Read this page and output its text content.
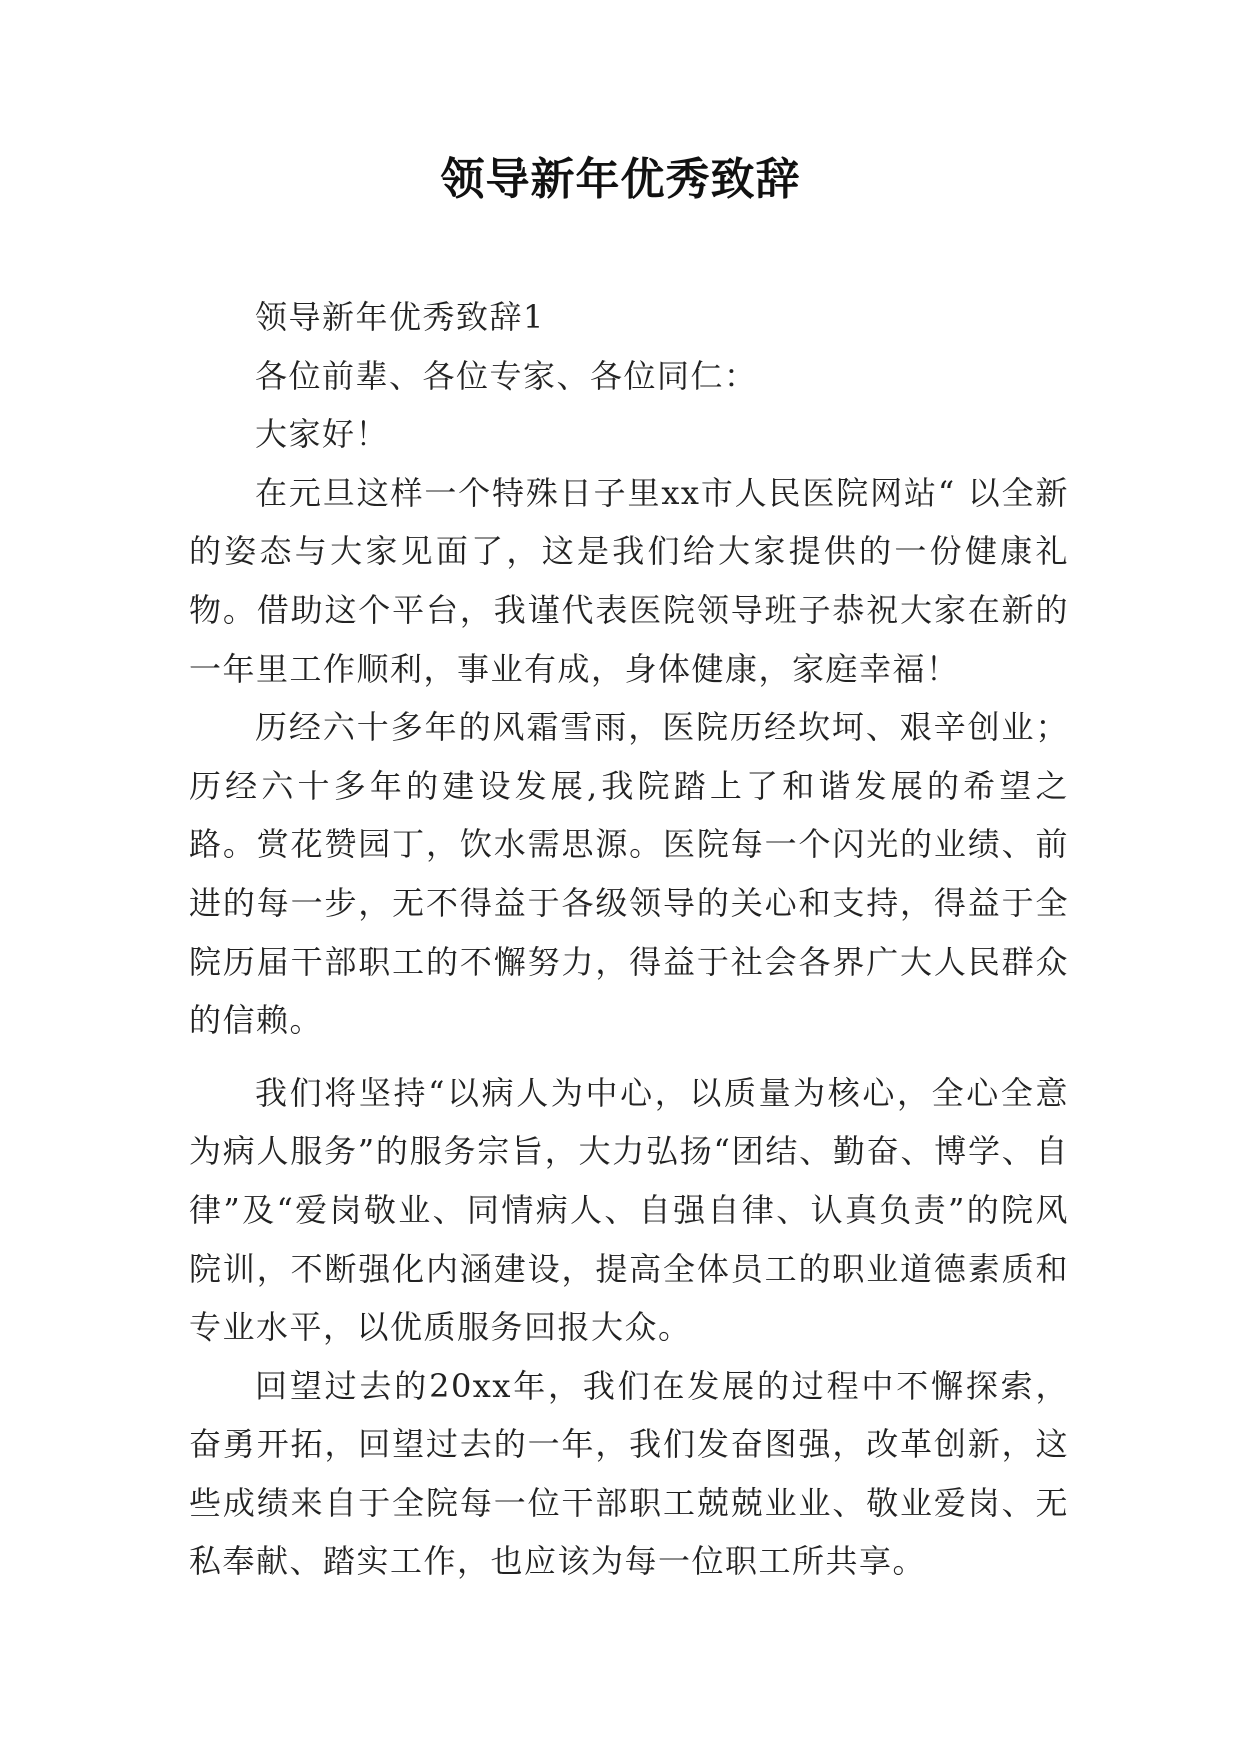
领导新年优秀致辞

领导新年优秀致辞1

各位前辈、各位专家、各位同仁：

大家好！

在元旦这样一个特殊日子里xx市人民医院网站“ 以全新的姿态与大家见面了，这是我们给大家提供的一份健康礼物。借助这个平台，我谨代表医院领导班子恭祝大家在新的一年里工作顺利，事业有成，身体健康，家庭幸福！

历经六十多年的风霜雪雨，医院历经坎坷、艰辛创业；历经六十多年的建设发展,我院踏上了和谐发展的希望之路。赏花赞园丁，饮水需思源。医院每一个闪光的业绩、前进的每一步，无不得益于各级领导的关心和支持，得益于全院历届干部职工的不懈努力，得益于社会各界广大人民群众的信赖。

我们将坚持“以病人为中心，以质量为核心，全心全意为病人服务”的服务宗旨，大力弘扬“团结、勤奋、博学、自律”及“爱岗敬业、同情病人、自强自律、认真负责”的院风院训，不断强化内涵建设，提高全体员工的职业道德素质和专业水平，以优质服务回报大众。

回望过去的20xx年，我们在发展的过程中不懈探索，奋勇开拓，回望过去的一年，我们发奋图强，改革创新，这些成绩来自于全院每一位干部职工兢兢业业、敬业爱岗、无私奉献、踏实工作，也应该为每一位职工所共享。
